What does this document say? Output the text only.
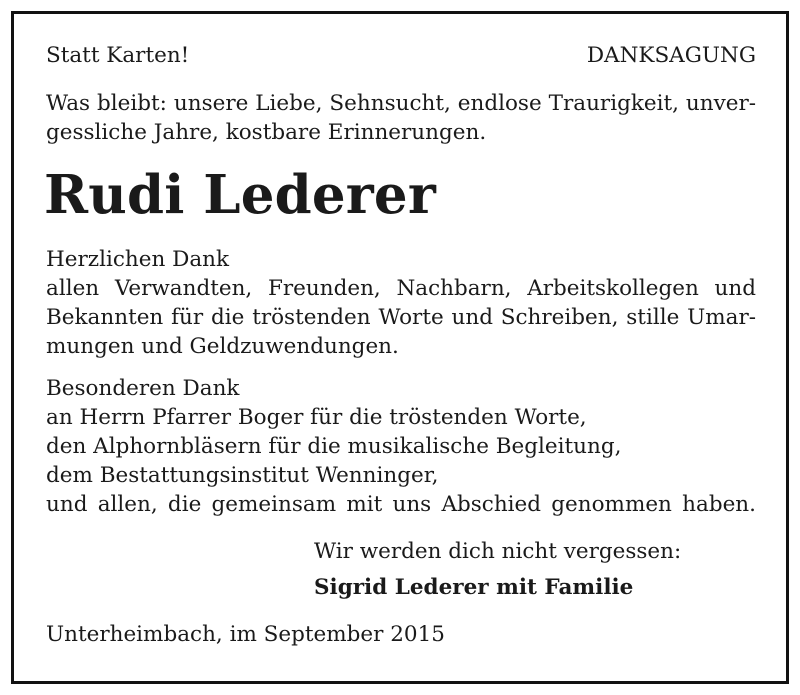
Statt Karten!	DANKSAGUNG
Was bleibt: unsere Liebe, Sehnsucht, endlose Traurigkeit, unver-
gessliche Jahre, kostbare Erinnerungen.
Rudi Lederer
Herzlichen Dank
allen Verwandten, Freunden, Nachbarn, Arbeitskollegen und
Bekannten für die tröstenden Worte und Schreiben, stille Umar-
mungen und Geldzuwendungen.
Besonderen Dank
an Herrn Pfarrer Boger für die tröstenden Worte,
den Alphornbläsern für die musikalische Begleitung,
dem Bestattungsinstitut Wenninger,
und allen, die gemeinsam mit uns Abschied genommen haben.
Wir werden dich nicht vergessen:
Sigrid Lederer mit Familie
Unterheimbach, im September 2015
